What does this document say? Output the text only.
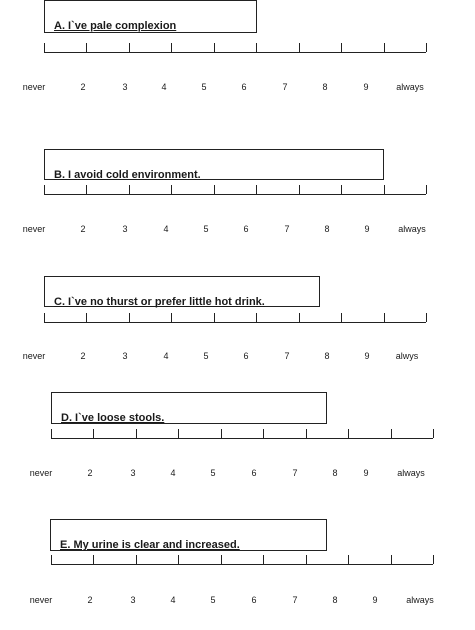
A. I`ve pale complexion
never	2	3	4	5	6	7	8	9	always
B. I avoid cold environment.
never	2	3	4	5	6	7	8	9	always
C. I`ve no thurst or prefer little hot drink.
never	2	3	4	5	6	7	8	9	alwys
D. I`ve loose stools.
never	2	3	4	5	6	7	8	9	always
E. My urine is clear and increased.
never	2	3	4	5	6	7	8	9	always
